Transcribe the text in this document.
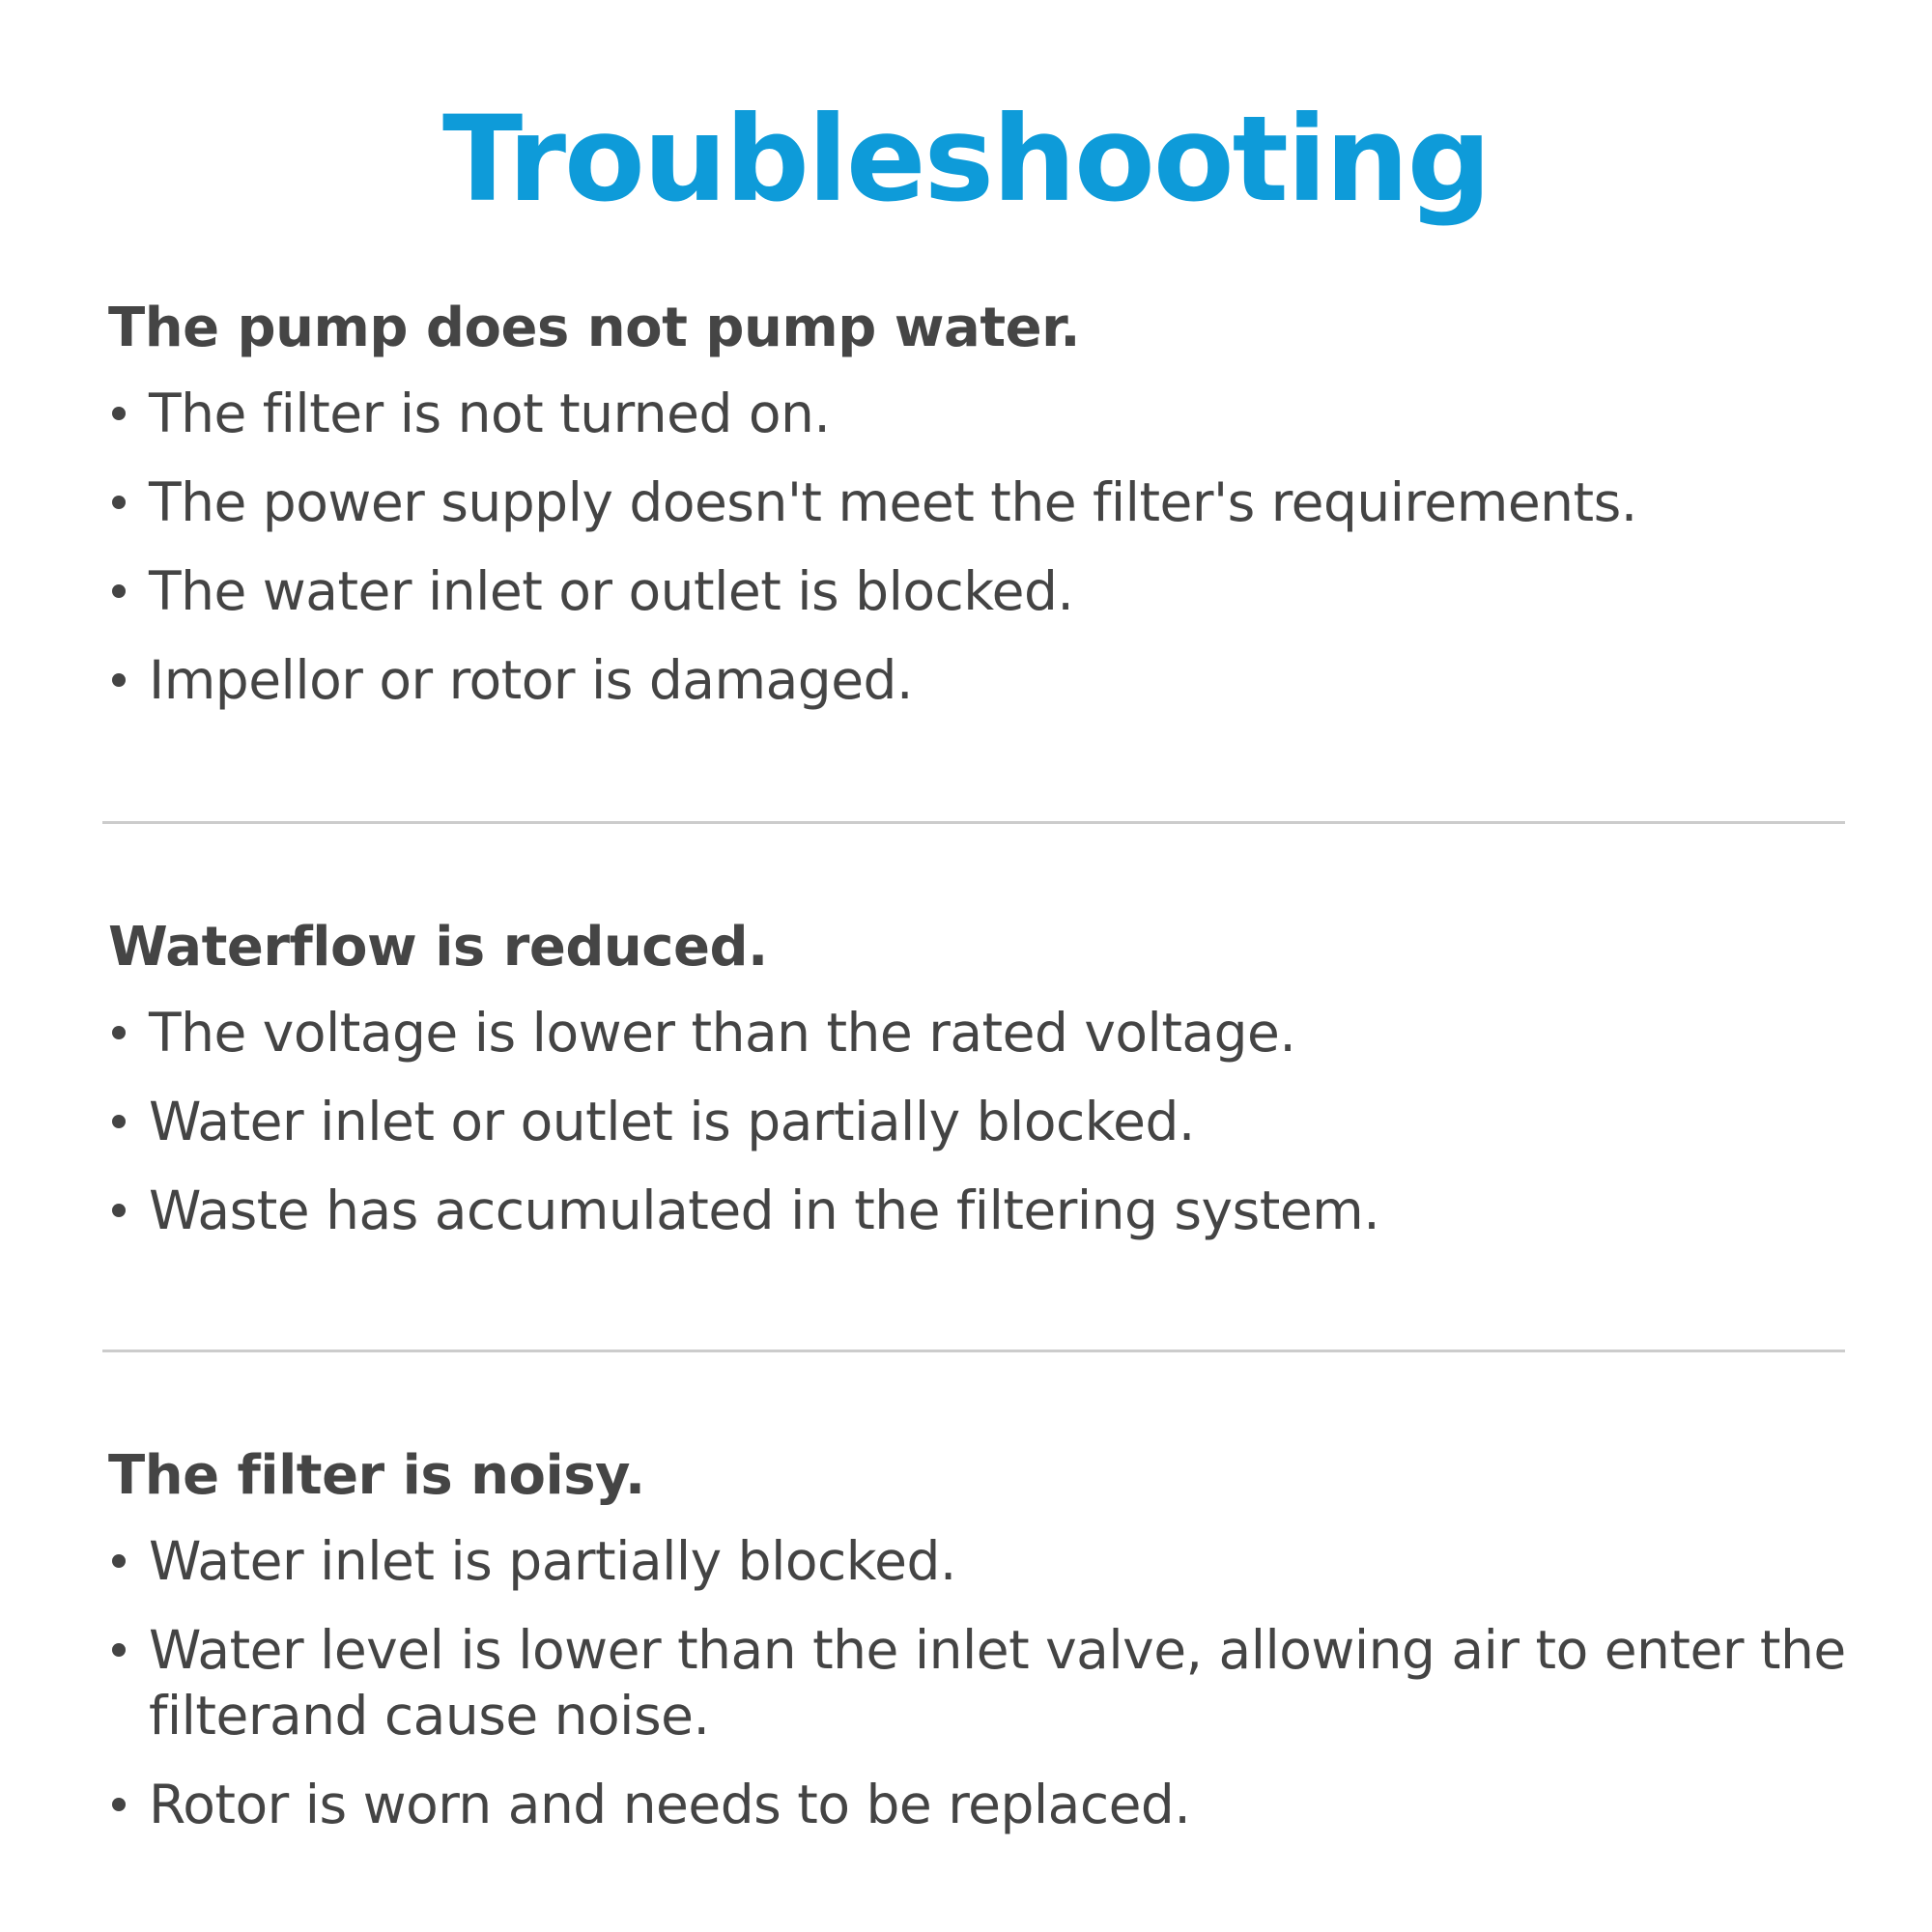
Troubleshooting
The pump does not pump water.
The filter is not turned on.
The power supply doesn't meet the filter's requirements.
The water inlet or outlet is blocked.
Impellor or rotor is damaged.
Waterflow is reduced.
The voltage is lower than the rated voltage.
Water inlet or outlet is partially blocked.
Waste has accumulated in the filtering system.
The filter is noisy.
Water inlet is partially blocked.
Water level is lower than the inlet valve, allowing air to enter the filterand cause noise.
Rotor is worn and needs to be replaced.
